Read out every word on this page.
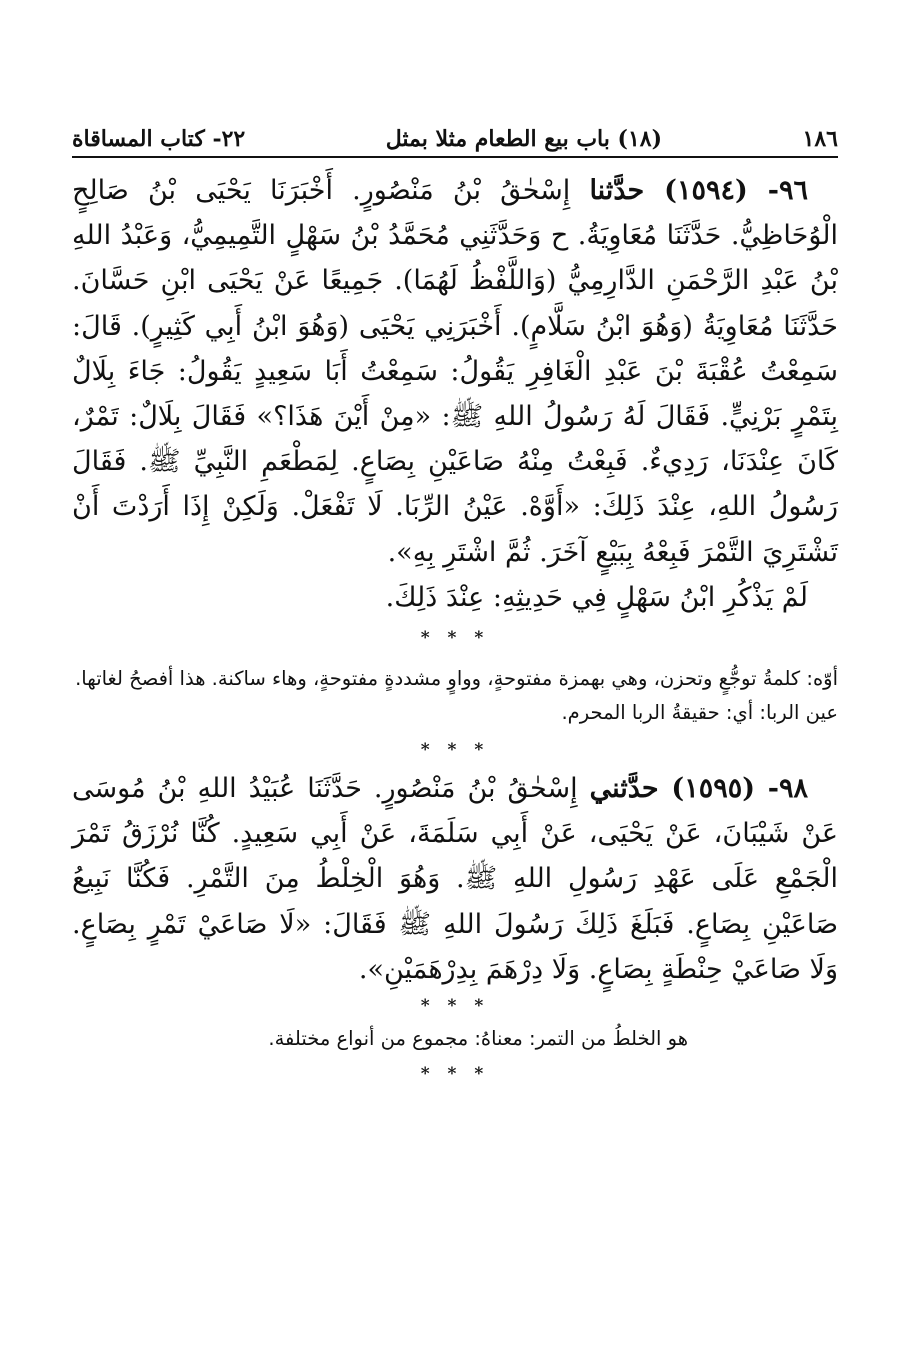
١٨٦
(١٨) باب بيع الطعام مثلا بمثل
٢٢- كتاب المساقاة

٩٦- (١٥٩٤) حدَّثنا إِسْحٰقُ بْنُ مَنْصُورٍ. أَخْبَرَنَا يَحْيَى بْنُ صَالِحٍ الْوُحَاظِيُّ. حَدَّثَنَا مُعَاوِيَةُ. ح وَحَدَّثَنِي مُحَمَّدُ بْنُ سَهْلٍ التَّمِيمِيُّ، وَعَبْدُ اللهِ بْنُ عَبْدِ الرَّحْمَنِ الدَّارِمِيُّ (وَاللَّفْظُ لَهُمَا). جَمِيعًا عَنْ يَحْيَى ابْنِ حَسَّانَ. حَدَّثَنَا مُعَاوِيَةُ (وَهُوَ ابْنُ سَلَّامٍ). أَخْبَرَنِي يَحْيَى (وَهُوَ ابْنُ أَبِي كَثِيرٍ). قَالَ: سَمِعْتُ عُقْبَةَ بْنَ عَبْدِ الْغَافِرِ يَقُولُ: سَمِعْتُ أَبَا سَعِيدٍ يَقُولُ: جَاءَ بِلَالٌ بِتَمْرٍ بَرْنِيٍّ. فَقَالَ لَهُ رَسُولُ اللهِ ﷺ: «مِنْ أَيْنَ هَذَا؟» فَقَالَ بِلَالٌ: تَمْرٌ، كَانَ عِنْدَنَا، رَدِيءٌ. فَبِعْتُ مِنْهُ صَاعَيْنِ بِصَاعٍ. لِمَطْعَمِ النَّبِيِّ ﷺ. فَقَالَ رَسُولُ اللهِ، عِنْدَ ذَلِكَ: «أَوَّهْ. عَيْنُ الرِّبَا. لَا تَفْعَلْ. وَلَكِنْ إِذَا أَرَدْتَ أَنْ تَشْتَرِيَ التَّمْرَ فَبِعْهُ بِبَيْعٍ آخَرَ. ثُمَّ اشْتَرِ بِهِ».

لَمْ يَذْكُرِ ابْنُ سَهْلٍ فِي حَدِيثِهِ: عِنْدَ ذَلِكَ.

* * *

أوّه: كلمةُ توجُّعٍ وتحزن، وهي بهمزة مفتوحةٍ، وواوٍ مشددةٍ مفتوحةٍ، وهاء ساكنة. هذا أفصحُ لغاتها.

عين الربا: أي: حقيقةُ الربا المحرم.

* * *

٩٨- (١٥٩٥) حدَّثني إِسْحٰقُ بْنُ مَنْصُورٍ. حَدَّثَنَا عُبَيْدُ اللهِ بْنُ مُوسَى عَنْ شَيْبَانَ، عَنْ يَحْيَى، عَنْ أَبِي سَلَمَةَ، عَنْ أَبِي سَعِيدٍ. كُنَّا نُرْزَقُ تَمْرَ الْجَمْعِ عَلَى عَهْدِ رَسُولِ اللهِ ﷺ. وَهُوَ الْخِلْطُ مِنَ التَّمْرِ. فَكُنَّا نَبِيعُ صَاعَيْنِ بِصَاعٍ. فَبَلَغَ ذَلِكَ رَسُولَ اللهِ ﷺ فَقَالَ: «لَا صَاعَيْ تَمْرٍ بِصَاعٍ. وَلَا صَاعَيْ حِنْطَةٍ بِصَاعٍ. وَلَا دِرْهَمَ بِدِرْهَمَيْنِ».

* * *

هو الخلطُ من التمر: معناهُ: مجموع من أنواع مختلفة.

* * *
